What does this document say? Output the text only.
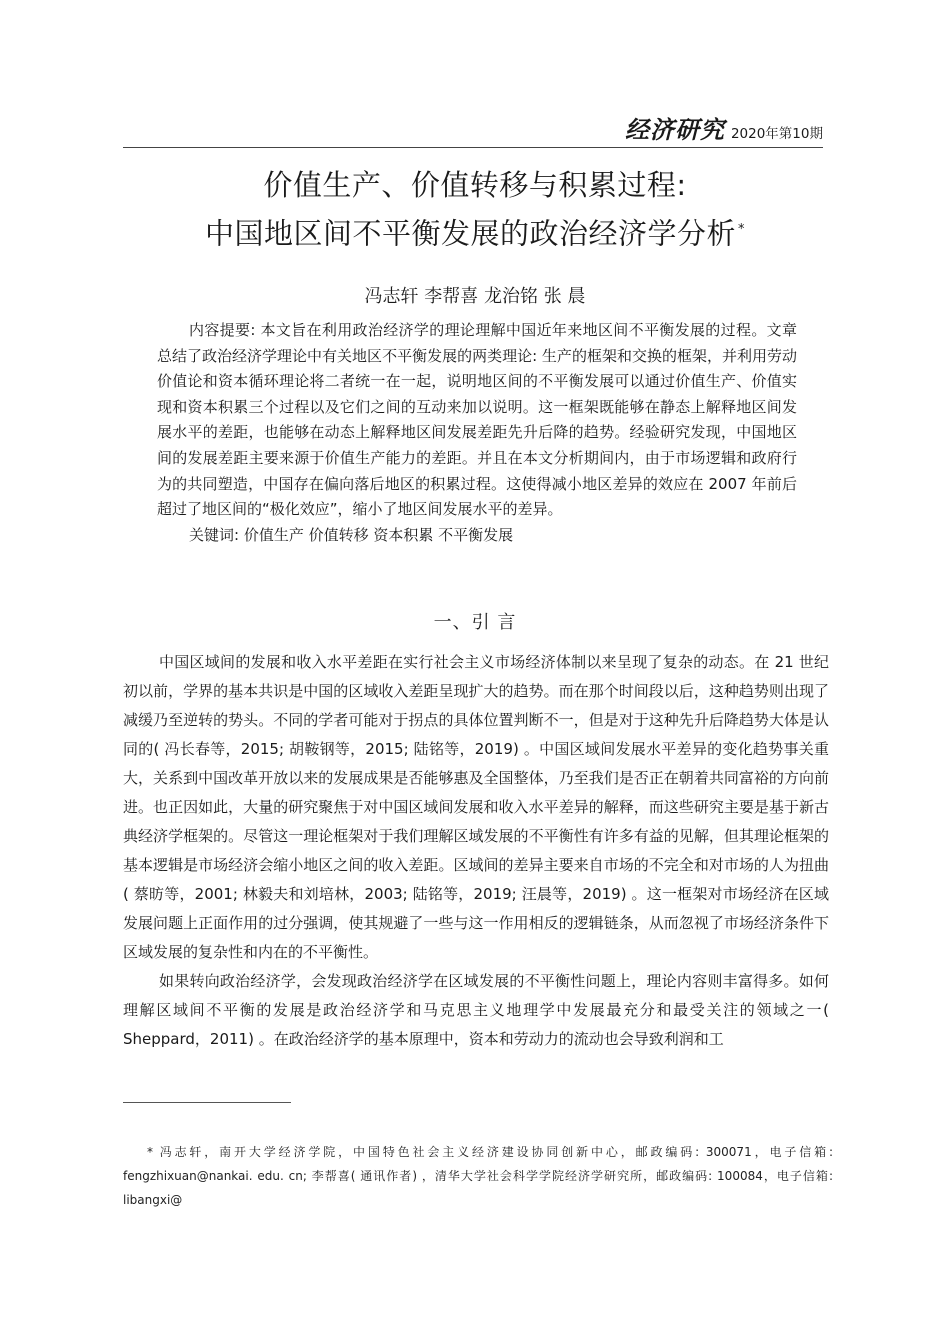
经济研究 2020年第10期
价值生产、价值转移与积累过程:
中国地区间不平衡发展的政治经济学分析 *
冯志轩 李帮喜 龙治铭 张 晨

内容提要: 本文旨在利用政治经济学的理论理解中国近年来地区间不平衡发展的过程。文章总结了政治经济学理论中有关地区不平衡发展的两类理论: 生产的框架和交换的框架，并利用劳动价值论和资本循环理论将二者统一在一起，说明地区间的不平衡发展可以通过价值生产、价值实现和资本积累三个过程以及它们之间的互动来加以说明。这一框架既能够在静态上解释地区间发展水平的差距，也能够在动态上解释地区间发展差距先升后降的趋势。经验研究发现，中国地区间的发展差距主要来源于价值生产能力的差距。并且在本文分析期间内，由于市场逻辑和政府行为的共同塑造，中国存在偏向落后地区的积累过程。这使得减小地区差异的效应在 2007 年前后超过了地区间的“极化效应”，缩小了地区间发展水平的差异。

关键词: 价值生产 价值转移 资本积累 不平衡发展

一、引 言

中国区域间的发展和收入水平差距在实行社会主义市场经济体制以来呈现了复杂的动态。在 21 世纪初以前，学界的基本共识是中国的区域收入差距呈现扩大的趋势。而在那个时间段以后，这种趋势则出现了减缓乃至逆转的势头。不同的学者可能对于拐点的具体位置判断不一，但是对于这种先升后降趋势大体是认同的( 冯长春等，2015; 胡鞍钢等，2015; 陆铭等，2019) 。中国区域间发展水平差异的变化趋势事关重大，关系到中国改革开放以来的发展成果是否能够惠及全国整体，乃至我们是否正在朝着共同富裕的方向前进。也正因如此，大量的研究聚焦于对中国区域间发展和收入水平差异的解释，而这些研究主要是基于新古典经济学框架的。尽管这一理论框架对于我们理解区域发展的不平衡性有许多有益的见解，但其理论框架的基本逻辑是市场经济会缩小地区之间的收入差距。区域间的差异主要来自市场的不完全和对市场的人为扭曲( 蔡昉等，2001; 林毅夫和刘培林，2003; 陆铭等，2019; 汪晨等，2019) 。这一框架对市场经济在区域发展问题上正面作用的过分强调，使其规避了一些与这一作用相反的逻辑链条，从而忽视了市场经济条件下区域发展的复杂性和内在的不平衡性。

如果转向政治经济学，会发现政治经济学在区域发展的不平衡性问题上，理论内容则丰富得多。如何理解区域间不平衡的发展是政治经济学和马克思主义地理学中发展最充分和最受关注的领域之一( Sheppard，2011) 。在政治经济学的基本原理中，资本和劳动力的流动也会导致利润和工

* 冯志轩，南开大学经济学院，中国特色社会主义经济建设协同创新中心，邮政编码: 300071，电子信箱: fengzhixuan@nankai. edu. cn; 李帮喜( 通讯作者) ，清华大学社会科学学院经济学研究所，邮政编码: 100084，电子信箱: libangxi@
